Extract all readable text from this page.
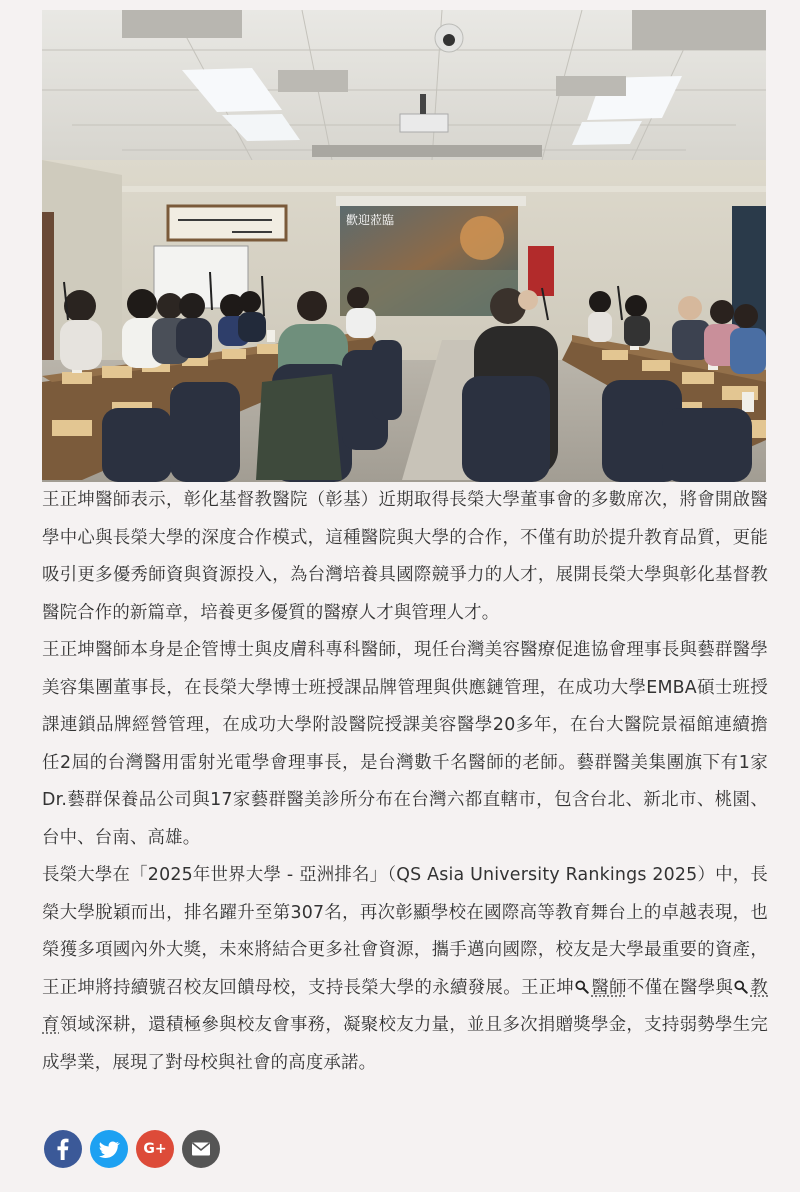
歡迎蒞臨

王正坤醫師表示，彰化基督教醫院（彰基）近期取得長榮大學董事會的多數席次，將會開啟醫學中心與長榮大學的深度合作模式，這種醫院與大學的合作，不僅有助於提升教育品質，更能吸引更多優秀師資與資源投入，為台灣培養具國際競爭力的人才，展開長榮大學與彰化基督教醫院合作的新篇章，培養更多優質的醫療人才與管理人才。

王正坤醫師本身是企管博士與皮膚科專科醫師，現任台灣美容醫療促進協會理事長與藝群醫學美容集團董事長，在長榮大學博士班授課品牌管理與供應鏈管理，在成功大學EMBA碩士班授課連鎖品牌經營管理，在成功大學附設醫院授課美容醫學20多年，在台大醫院景福館連續擔任2屆的台灣醫用雷射光電學會理事長，是台灣數千名醫師的老師。藝群醫美集團旗下有1家Dr.藝群保養品公司與17家藝群醫美診所分布在台灣六都直轄市，包含台北、新北市、桃園、台中、台南、高雄。

長榮大學在「2025年世界大學 - 亞洲排名」（QS Asia University Rankings 2025）中，長榮大學脫穎而出，排名躍升至第307名，再次彰顯學校在國際高等教育舞台上的卓越表現，也榮獲多項國內外大獎，未來將結合更多社會資源，攜手邁向國際，校友是大學最重要的資產，王正坤將持續號召校友回饋母校，支持長榮大學的永續發展。王正坤 醫師不僅在醫學與 教育領域深耕，還積極參與校友會事務，凝聚校友力量，並且多次捐贈獎學金，支持弱勢學生完成學業，展現了對母校與社會的高度承諾。

G+
